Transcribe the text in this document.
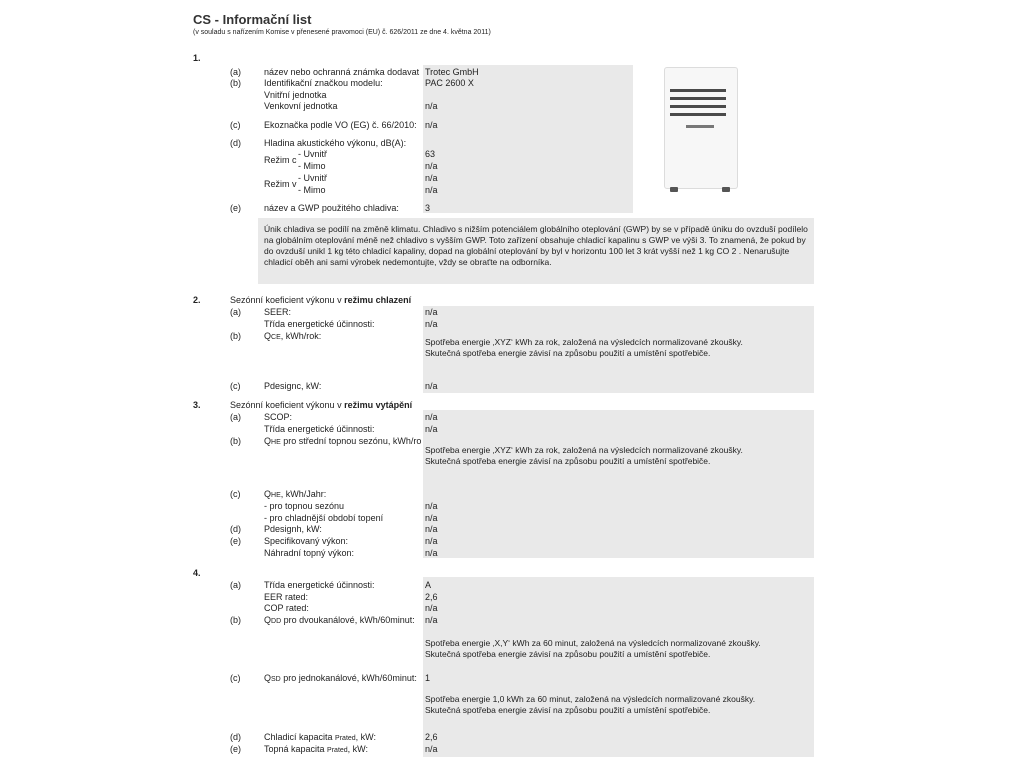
CS - Informační list
(v souladu s nařízením Komise v přenesené pravomoci (EU) č. 626/2011 ze dne 4. května 2011)
1.
(a)	název nebo ochranná známka dodavat Trotec GmbH
(b)	Identifikační značkou modelu:	PAC 2600 X
Vnitřní jednotka
Venkovní jednotka	n/a
(c)	Ekoznačka podle VO (EG) č. 66/2010: n/a
(d)	Hladina akustického výkonu, dB(A):
Režim c
- Uvnitř	63
- Mimo	n/a
Režim v
- Uvnitř	n/a
- Mimo	n/a
(e)	název a GWP použitého chladiva:	3
Únik chladiva se podílí na změně klimatu. Chladivo s nižším potenciálem globálního oteplování (GWP) by se v případě úniku do ovzduší podílelo na globálním oteplování méně než chladivo s vyšším GWP. Toto zařízení obsahuje chladicí kapalinu s GWP ve výši 3. To znamená, že pokud by do ovzduší unikl 1 kg této chladicí kapaliny, dopad na globální oteplování by byl v horizontu 100 let 3 krát vyšší než 1 kg CO 2 . Nenarušujte chladicí oběh ani sami výrobek nedemontujte, vždy se obraťte na odborníka.
2.	Sezónní koeficient výkonu v režimu chlazení
(a)	SEER:	n/a
Třída energetické účinnosti:	n/a
(b)	QCE, kWh/rok:
Spotřeba energie ‚XYZ‘ kWh za rok, založená na výsledcích normalizované zkoušky. Skutečná spotřeba energie závisí na způsobu použití a umístění spotřebiče.
(c)	Pdesignc, kW:	n/a
3.	Sezónní koeficient výkonu v režimu vytápění
(a)	SCOP:	n/a
Třída energetické účinnosti:	n/a
(b)	QHE pro střední topnou sezónu, kWh/ro
Spotřeba energie ‚XYZ‘ kWh za rok, založená na výsledcích normalizované zkoušky. Skutečná spotřeba energie závisí na způsobu použití a umístění spotřebiče.
(c)	QHE, kWh/Jahr:
- pro topnou sezónu	n/a
- pro chladnější období topení	n/a
(d)	Pdesignh, kW:	n/a
(e)	Specifikovaný výkon:	n/a
Náhradní topný výkon:	n/a
4.
(a)	Třída energetické účinnosti:	A
EER rated:	2,6
COP rated:	n/a
(b)	QDD pro dvoukanálové, kWh/60minut: n/a
Spotřeba energie ‚X,Y‘ kWh za 60 minut, založená na výsledcích normalizované zkoušky. Skutečná spotřeba energie závisí na způsobu použití a umístění spotřebiče.
(c)	QSD pro jednokanálové, kWh/60minut: 1
Spotřeba energie 1,0 kWh za 60 minut, založená na výsledcích normalizované zkoušky. Skutečná spotřeba energie závisí na způsobu použití a umístění spotřebiče.
(d)	Chladicí kapacita Prated, kW:	2,6
(e)	Topná kapacita Prated, kW:	n/a
